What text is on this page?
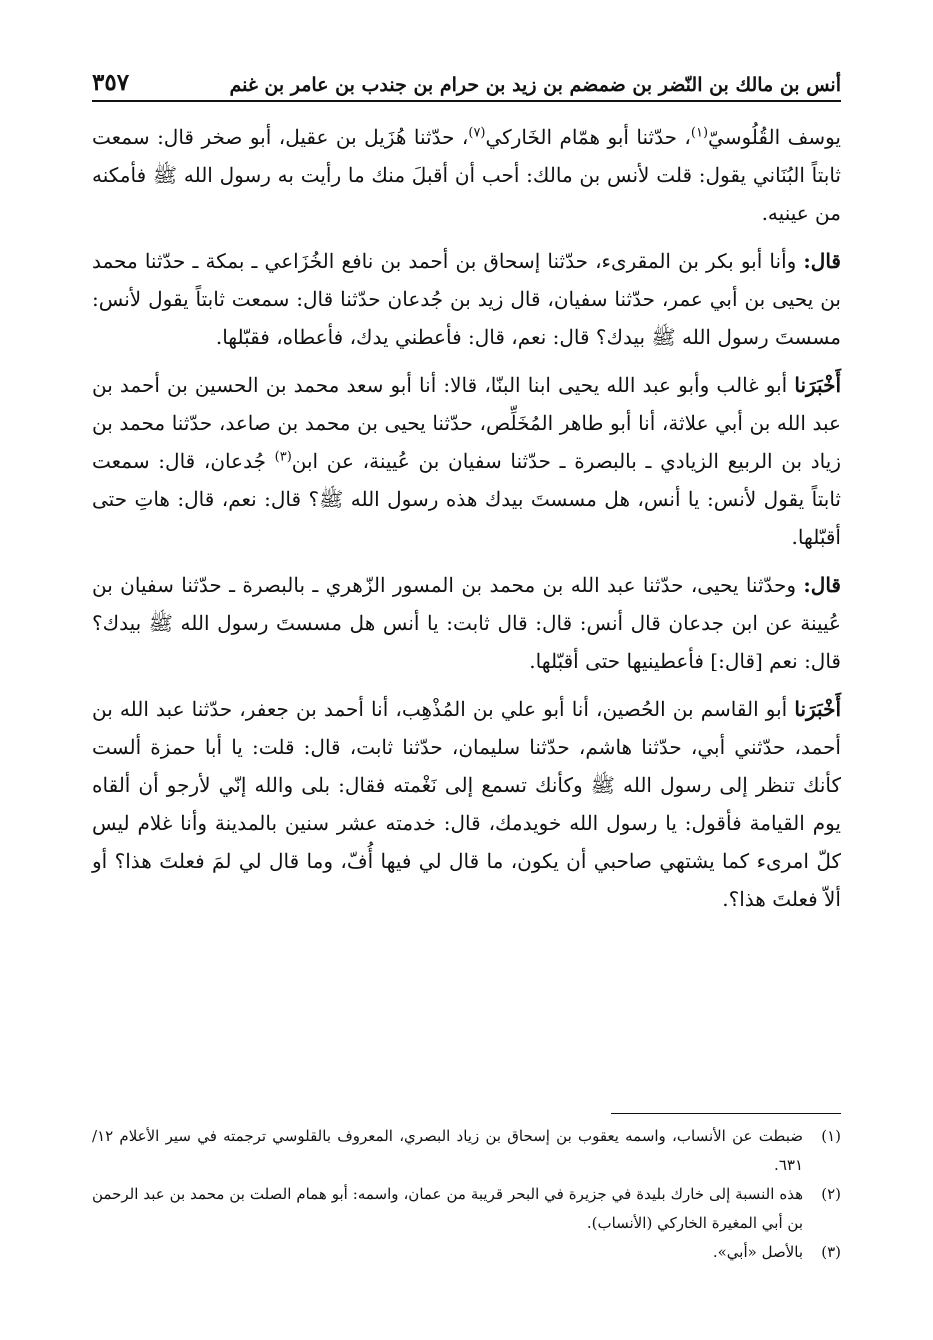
أنس بن مالك بن النّضر بن ضمضم بن زيد بن حرام بن جندب بن عامر بن غنم
٣٥٧

يوسف القُلُوسيّ$^{(١)}$، حدّثنا أبو همّام الخَاركي$^{(٧)}$، حدّثنا هُزَيل بن عقيل، أبو صخر قال: سمعت ثابتاً البُنَاني يقول: قلت لأنس بن مالك: أحب أن أقبلَ منك ما رأيت به رسول الله ﷺ فأمكنه من عينيه.

قال: وأنا أبو بكر بن المقرىء، حدّثنا إسحاق بن أحمد بن نافع الخُزَاعي ـ بمكة ـ حدّثنا محمد بن يحيى بن أبي عمر، حدّثنا سفيان، قال زيد بن جُدعان حدّثنا قال: سمعت ثابتاً يقول لأنس: مسستَ رسول الله ﷺ بيدك؟ قال: نعم، قال: فأعطني يدك، فأعطاه، فقبّلها.

أَخْبَرَنا أبو غالب وأبو عبد الله يحيى ابنا البنّا، قالا: أنا أبو سعد محمد بن الحسين بن أحمد بن عبد الله بن أبي علاثة، أنا أبو طاهر المُخَلِّص، حدّثنا يحيى بن محمد بن صاعد، حدّثنا محمد بن زياد بن الربيع الزيادي ـ بالبصرة ـ حدّثنا سفيان بن عُيينة، عن ابن$^{(٣)}$ جُدعان، قال: سمعت ثابتاً يقول لأنس: يا أنس، هل مسستَ بيدك هذه رسول الله ﷺ؟ قال: نعم، قال: هاتِ حتى أقبّلها.

قال: وحدّثنا يحيى، حدّثنا عبد الله بن محمد بن المسور الزّهري ـ بالبصرة ـ حدّثنا سفيان بن عُيينة عن ابن جدعان قال أنس: قال: قال ثابت: يا أنس هل مسستَ رسول الله ﷺ بيدك؟ قال: نعم [قال:] فأعطينيها حتى أقبّلها.

أَخْبَرَنا أبو القاسم بن الحُصين، أنا أبو علي بن المُذْهِب، أنا أحمد بن جعفر، حدّثنا عبد الله بن أحمد، حدّثني أبي، حدّثنا هاشم، حدّثنا سليمان، حدّثنا ثابت، قال: قلت: يا أبا حمزة ألست كأنك تنظر إلى رسول الله ﷺ وكأنك تسمع إلى نَغْمته فقال: بلى والله إنّي لأرجو أن ألقاه يوم القيامة فأقول: يا رسول الله خويدمك، قال: خدمته عشر سنين بالمدينة وأنا غلام ليس كلّ امرىء كما يشتهي صاحبي أن يكون، ما قال لي فيها أُفّ، وما قال لي لمَ فعلتَ هذا؟ أو ألاّ فعلتَ هذا؟.

(١)
ضبطت عن الأنساب، واسمه يعقوب بن إسحاق بن زياد البصري، المعروف بالقلوسي ترجمته في سير الأعلام ١٢/ ٦٣١.

(٢)
هذه النسبة إلى خارك بليدة في جزيرة في البحر قريبة من عمان، واسمه: أبو همام الصلت بن محمد بن عبد الرحمن بن أبي المغيرة الخاركي (الأنساب).

(٣)
بالأصل «أبي».
